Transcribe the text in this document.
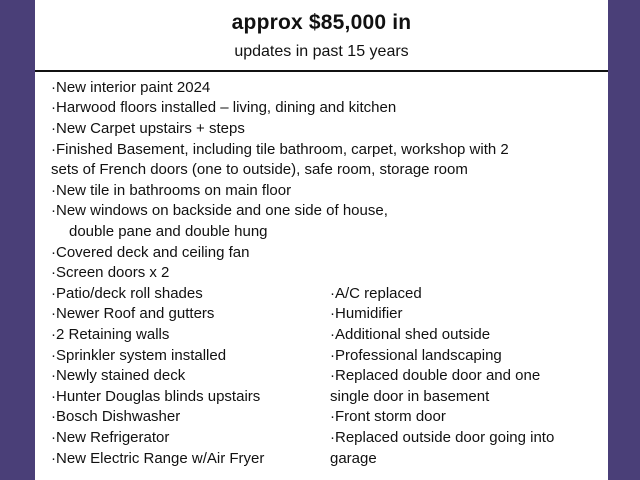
approx $85,000 in
updates in past 15 years

·New interior paint 2024

·Harwood floors installed – living, dining and kitchen

·New Carpet upstairs + steps

·Finished Basement, including tile bathroom, carpet, workshop with 2

sets of French doors (one to outside), safe room, storage room

·New tile in bathrooms on main floor

·New windows on backside and one side of house,

double pane and double hung

·Covered deck and ceiling fan

·Screen doors x 2

·Patio/deck roll shades

·Newer Roof and gutters

·2 Retaining walls

·Sprinkler system installed

·Newly stained deck

·Hunter Douglas blinds upstairs

·Bosch Dishwasher

·New Refrigerator

·New Electric Range w/Air Fryer

·A/C replaced

·Humidifier

·Additional shed outside

·Professional landscaping

·Replaced double door and one

single door in basement

·Front storm door

·Replaced outside door going into

garage
